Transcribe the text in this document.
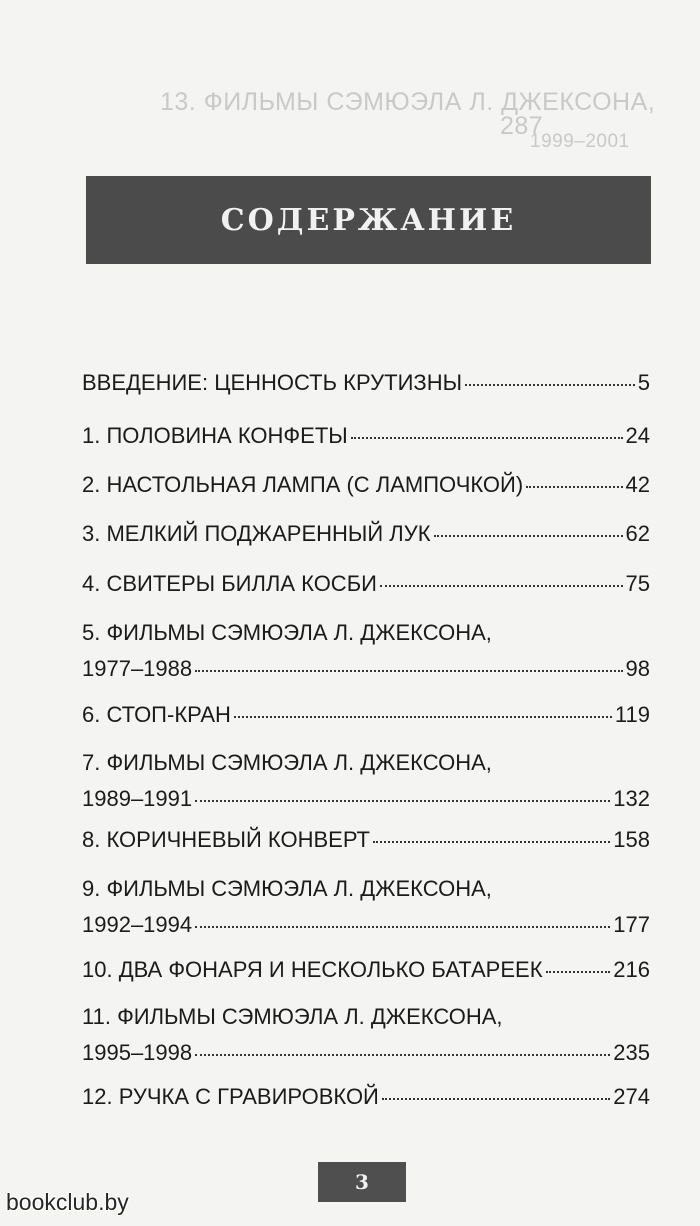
13. ФИЛЬМЫ СЭМЮЭЛА Л. ДЖЕКСОНА,
287
1999–2001
СОДЕРЖАНИЕ
ВВЕДЕНИЕ: ЦЕННОСТЬ КРУТИЗНЫ	5
1. ПОЛОВИНА КОНФЕТЫ	24
2. НАСТОЛЬНАЯ ЛАМПА (С ЛАМПОЧКОЙ)	42
3. МЕЛКИЙ ПОДЖАРЕННЫЙ ЛУК	62
4. СВИТЕРЫ БИЛЛА КОСБИ	75
5. ФИЛЬМЫ СЭМЮЭЛА Л. ДЖЕКСОНА,
1977–1988	98
6. СТОП-КРАН	119
7. ФИЛЬМЫ СЭМЮЭЛА Л. ДЖЕКСОНА,
1989–1991	132
8. КОРИЧНЕВЫЙ КОНВЕРТ	158
9. ФИЛЬМЫ СЭМЮЭЛА Л. ДЖЕКСОНА,
1992–1994	177
10. ДВА ФОНАРЯ И НЕСКОЛЬКО БАТАРЕЕК	216
11. ФИЛЬМЫ СЭМЮЭЛА Л. ДЖЕКСОНА,
1995–1998	235
12. РУЧКА С ГРАВИРОВКОЙ	274
3
bookclub.by
